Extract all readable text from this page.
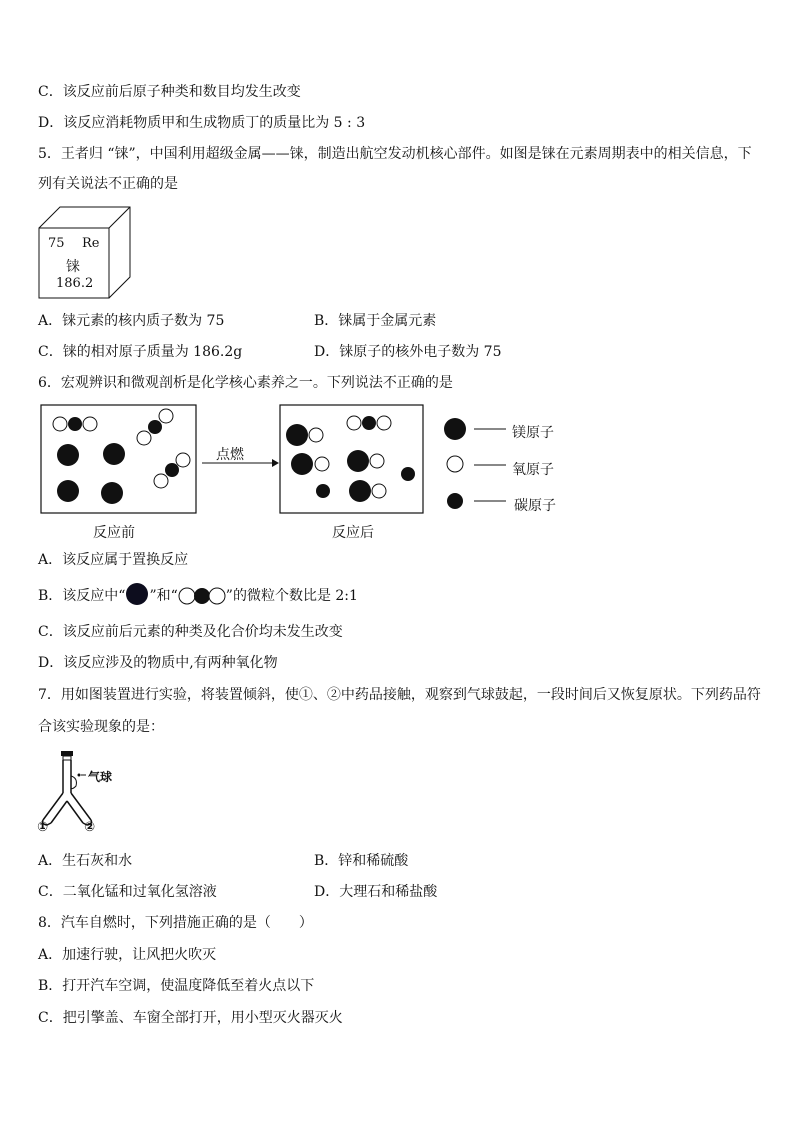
C．该反应前后原子种类和数目均发生改变
D．该反应消耗物质甲和生成物质丁的质量比为 5 : 3
5．王者归 “铼”，中国利用超级金属——铼，制造出航空发动机核心部件。如图是铼在元素周期表中的相关信息，下
列有关说法不正确的是
75 Re
铼
186.2
A．铼元素的核内质子数为 75	B．铼属于金属元素
C．铼的相对原子质量为 186.2g	D．铼原子的核外电子数为 75
6．宏观辨识和微观剖析是化学核心素养之一。下列说法不正确的是
点燃
反应前	反应后
镁原子
氧原子
碳原子
A．该反应属于置换反应
B．该反应中“ ”和“	”的微粒个数比是 2:1
C．该反应前后元素的种类及化合价均未发生改变
D．该反应涉及的物质中,有两种氧化物
7．用如图装置进行实验，将装置倾斜，使①、②中药品接触，观察到气球鼓起，一段时间后又恢复原状。下列药品符
合该实验现象的是：
气球
①	②
A．生石灰和水	B．锌和稀硫酸
C．二氧化锰和过氧化氢溶液	D．大理石和稀盐酸
8．汽车自燃时，下列措施正确的是（　　）
A．加速行驶，让风把火吹灭
B．打开汽车空调，使温度降低至着火点以下
C．把引擎盖、车窗全部打开，用小型灭火器灭火
